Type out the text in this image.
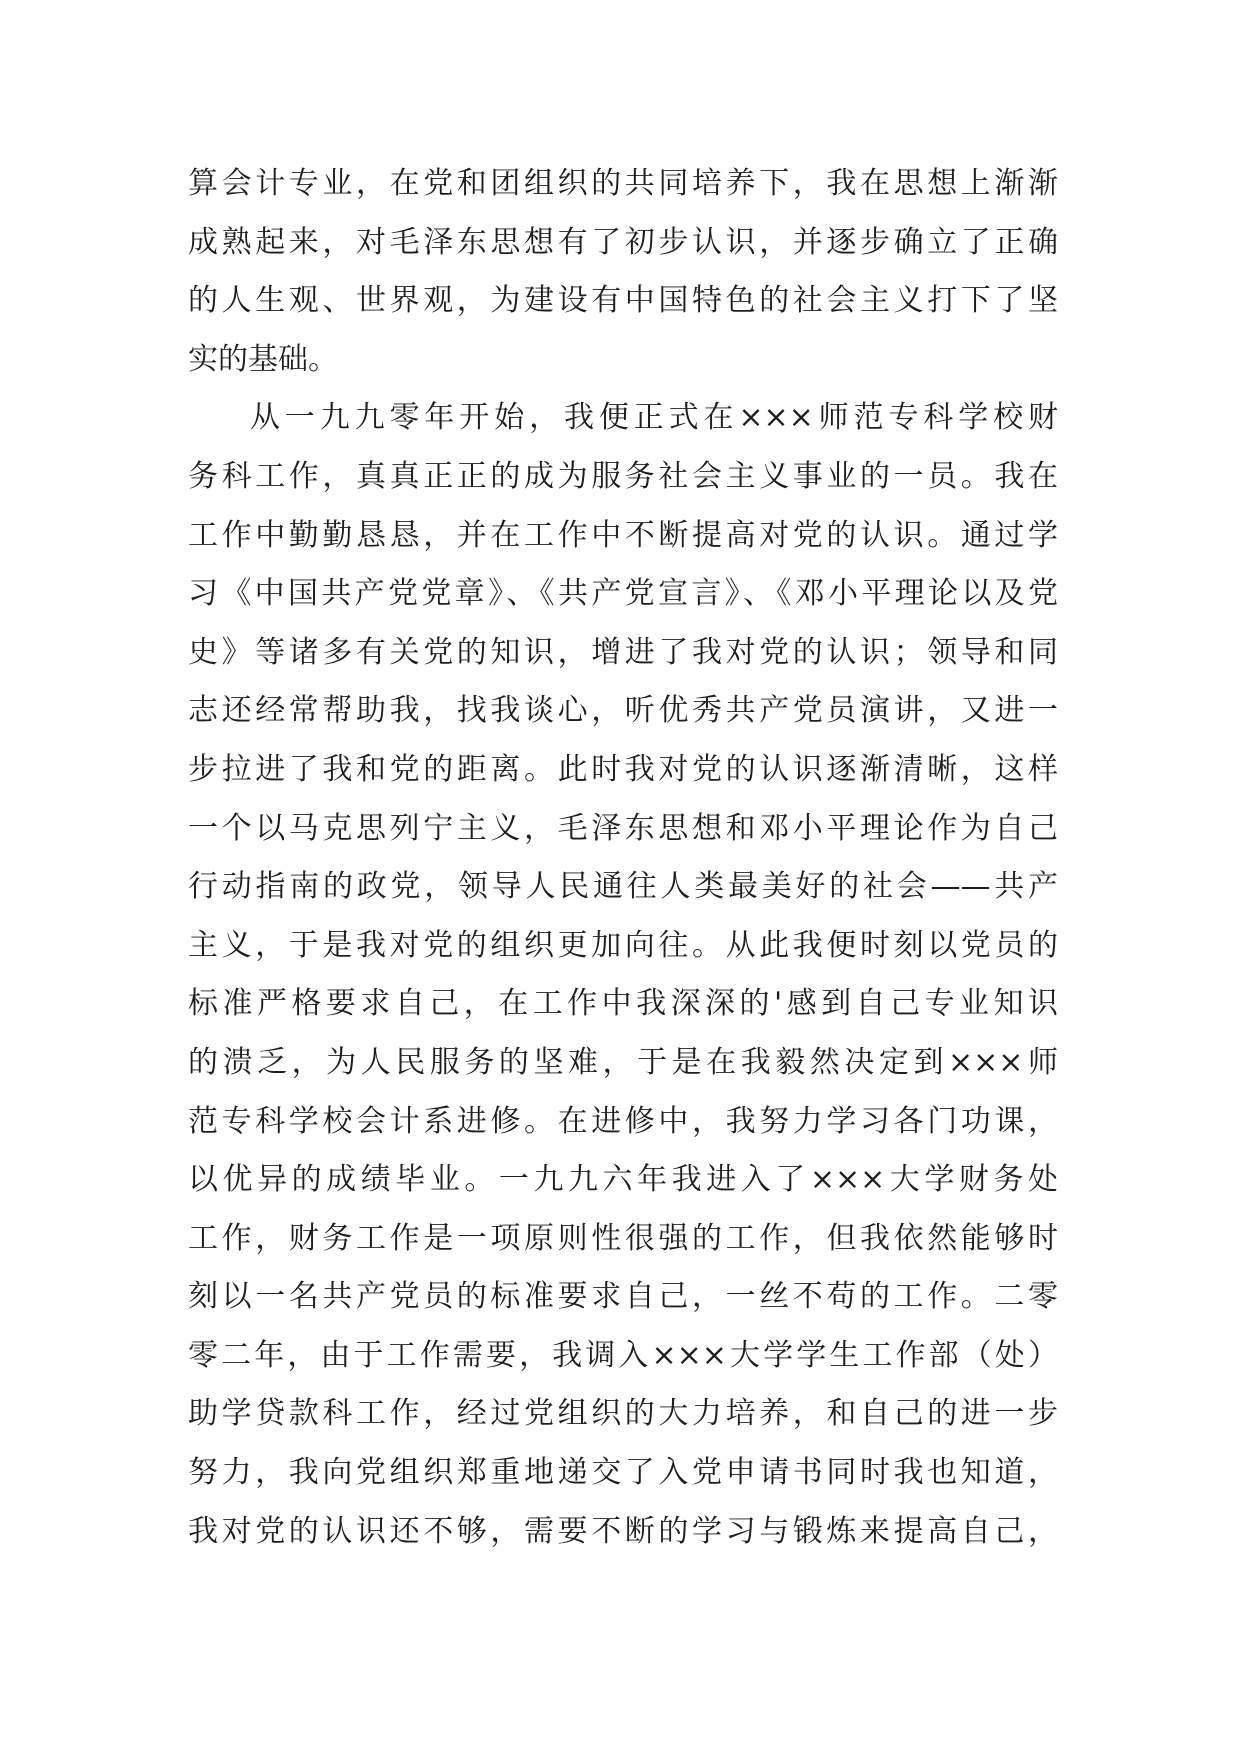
算会计专业，在党和团组织的共同培养下，我在思想上渐渐
成熟起来，对毛泽东思想有了初步认识，并逐步确立了正确
的人生观、世界观，为建设有中国特色的社会主义打下了坚
实的基础。
从一九九零年开始，我便正式在×××师范专科学校财
务科工作，真真正正的成为服务社会主义事业的一员。我在
工作中勤勤恳恳，并在工作中不断提高对党的认识。通过学
习《中国共产党党章》、《共产党宣言》、《邓小平理论以及党
史》等诸多有关党的知识，增进了我对党的认识；领导和同
志还经常帮助我，找我谈心，听优秀共产党员演讲，又进一
步拉进了我和党的距离。此时我对党的认识逐渐清晰，这样
一个以马克思列宁主义，毛泽东思想和邓小平理论作为自己
行动指南的政党，领导人民通往人类最美好的社会——共产
主义，于是我对党的组织更加向往。从此我便时刻以党员的
标准严格要求自己，在工作中我深深的'感到自己专业知识
的溃乏，为人民服务的坚难，于是在我毅然决定到×××师
范专科学校会计系进修。在进修中，我努力学习各门功课，
以优异的成绩毕业。一九九六年我进入了×××大学财务处
工作，财务工作是一项原则性很强的工作，但我依然能够时
刻以一名共产党员的标准要求自己，一丝不苟的工作。二零
零二年，由于工作需要，我调入×××大学学生工作部（处）
助学贷款科工作，经过党组织的大力培养，和自己的进一步
努力，我向党组织郑重地递交了入党申请书同时我也知道，
我对党的认识还不够，需要不断的学习与锻炼来提高自己，
